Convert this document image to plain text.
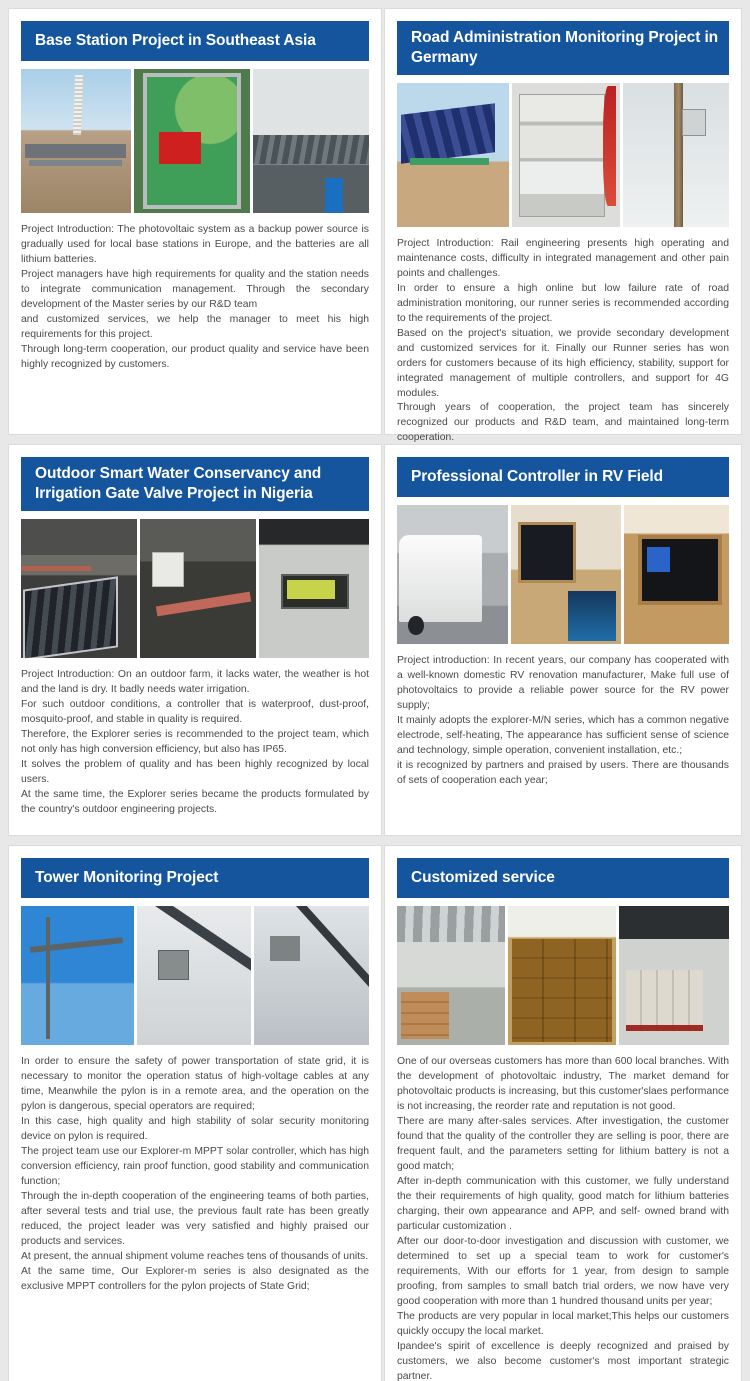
Base Station Project in Southeast Asia

Project Introduction: The photovoltaic system as a backup power source is gradually used for local base stations in Europe, and the batteries are all lithium batteries.

Project managers have high requirements for quality and the station needs to integrate communication management. Through the secondary development of the Master series by our R&D team

and customized services, we help the manager to meet his high requirements for this project.

Through long-term cooperation, our product quality and service have been highly recognized by customers.

Road Administration Monitoring Project in Germany

Project Introduction: Rail engineering presents high operating and maintenance costs, difficulty in integrated management and other pain points and challenges.

In order to ensure a high online but low failure rate of road administration monitoring, our runner series is recommended according to the requirements of the project.

Based on the project's situation, we provide secondary development and customized services for it. Finally our Runner series has won orders for customers because of its high efficiency, stability, support for integrated management of multiple controllers, and support for 4G modules.

Through years of cooperation, the project team has sincerely recognized our products and R&D team, and maintained long-term cooperation.

Outdoor Smart Water Conservancy and Irrigation Gate Valve Project in Nigeria

Project Introduction: On an outdoor farm, it lacks water, the weather is hot and the land is dry. It badly needs water irrigation.

For such outdoor conditions, a controller that is waterproof, dust-proof, mosquito-proof, and stable in quality is required.

Therefore, the Explorer series is recommended to the project team, which not only has high conversion efficiency, but also has IP65.

It solves the problem of quality and has been highly recognized by local users.

At the same time, the Explorer series became the products formulated by the country's outdoor engineering projects.

Professional Controller in RV Field

Project introduction: In recent years, our company has cooperated with a well-known domestic RV renovation manufacturer, Make full use of photovoltaics to provide a reliable power source for the RV power supply;

It mainly adopts the explorer-M/N series, which has a common negative electrode, self-heating, The appearance has sufficient sense of science and technology, simple operation, convenient installation, etc.;

it is recognized by partners and praised by users. There are thousands of sets of cooperation each year;

Tower Monitoring Project

In order to ensure the safety of power transportation of state grid, it is necessary to monitor the operation status of high-voltage cables at any time, Meanwhile the pylon is in a remote area, and the operation on the pylon is dangerous, special operators are required;

In this case, high quality and high stability of solar security monitoring device on pylon is required.

The project team use our Explorer-m MPPT solar controller, which has high conversion efficiency, rain proof function, good stability and communication function;

Through the in-depth cooperation of the engineering teams of both parties, after several tests and trial use, the previous fault rate has been greatly reduced, the project leader was very satisfied and highly praised our products and services.

At present, the annual shipment volume reaches tens of thousands of units.

At the same time, Our Explorer-m series is also designated as the exclusive MPPT controllers for the pylon projects of State Grid;

Customized service

One of our overseas customers has more than 600 local branches. With the development of photovoltaic industry, The market demand for photovoltaic products is increasing, but this customer'slaes performance is not increasing, the reorder rate and reputation is not good.

There are many after-sales services. After investigation, the customer found that the quality of the controller they are selling is poor, there are frequent fault, and the parameters setting for lithium battery is not a good match;

After in-depth communication with this customer, we fully understand the their requirements of high quality, good match for lithium batteries charging, their own appearance and APP, and self- owned brand with particular customization .

After our door-to-door investigation and discussion with customer, we determined to set up a special team to work for customer's requirements, With our efforts for 1 year, from design to sample proofing, from samples to small batch trial orders, we now have very good cooperation with more than 1 hundred thousand units per year;

The products are very popular in local market;This helps our customers quickly occupy the local market.

Ipandee's spirit of excellence is deeply recognized and praised by customers, we also become customer's most important strategic partner.
